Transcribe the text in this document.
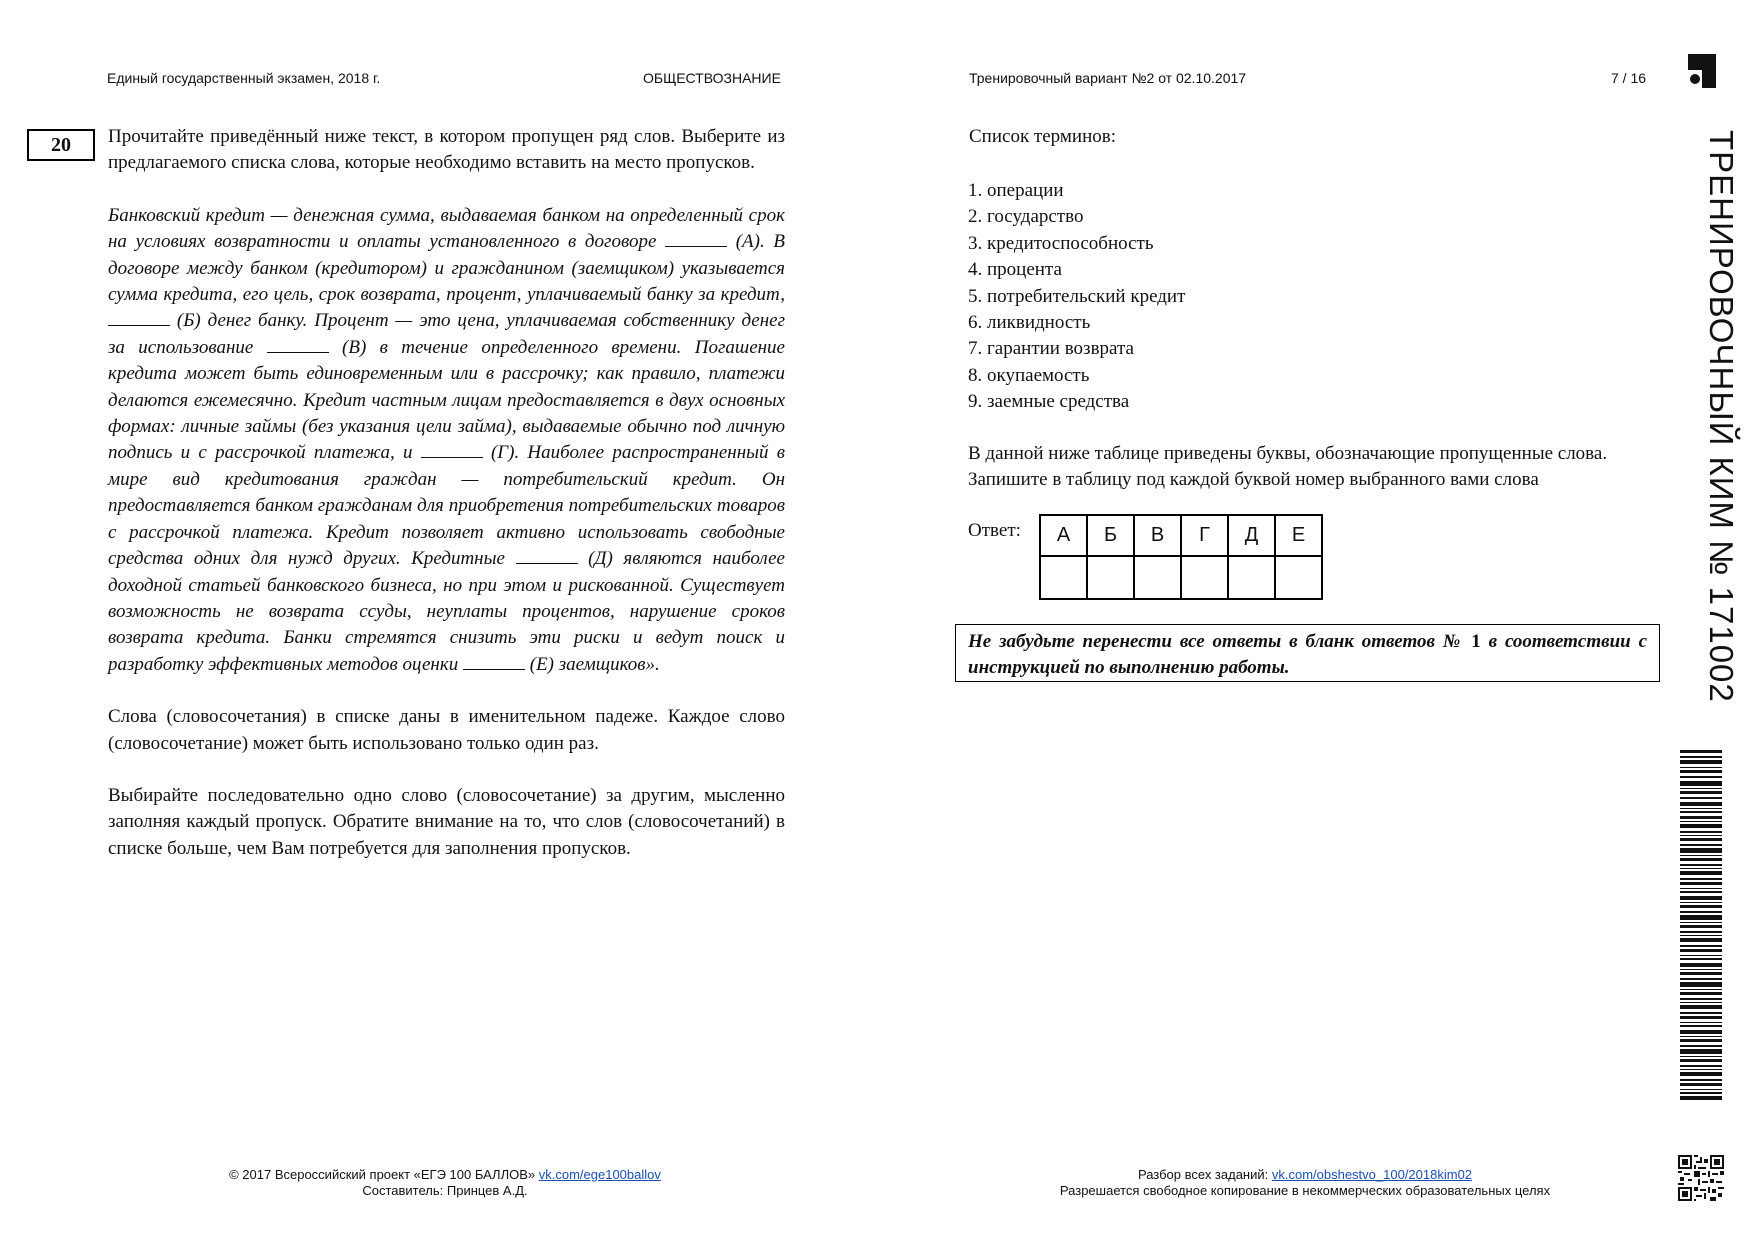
Единый государственный экзамен, 2018 г.	ОБЩЕСТВОЗНАНИЕ	Тренировочный вариант №2 от 02.10.2017	7 / 16
20	Прочитайте приведённый ниже текст, в котором пропущен ряд слов. Выберите из предлагаемого списка слова, которые необходимо вставить на место пропусков.

Банковский кредит — денежная сумма, выдаваемая банком на определенный срок на условиях возвратности и оплаты установленного в договоре	(А). В договоре между банком (кредитором) и гражданином (заемщиком) указывается сумма кредита, его цель, срок возврата, процент, уплачиваемый банку за кредит,  (Б) денег банку. Процент — это цена, уплачиваемая собственнику денег за использование	(В) в течение определенного времени. Погашение кредита может быть единовременным или в рассрочку; как правило, платежи делаются ежемесячно. Кредит частным лицам предоставляется в двух основных формах: личные займы (без указания цели займа), выдаваемые обычно под личную подпись и с рассрочкой платежа, и	(Г). Наиболее распространенный в мире вид кредитования граждан — потребительский кредит. Он предоставляется банком гражданам для приобретения потребительских товаров с рассрочкой платежа. Кредит позволяет активно использовать свободные средства одних для нужд других. Кредитные	(Д) являются наиболее доходной статьей банковского бизнеса, но при этом и рискованной. Существует возможность не возврата ссуды, неуплаты процентов, нарушение сроков возврата кредита. Банки стремятся снизить эти риски и ведут поиск и разработку эффективных методов оценки	(Е) заемщиков».

Слова (словосочетания) в списке даны в именительном падеже. Каждое слово (словосочетание) может быть использовано только один раз.

Выбирайте последовательно одно слово (словосочетание) за другим, мысленно заполняя каждый пропуск. Обратите внимание на то, что слов (словосочетаний) в списке больше, чем Вам потребуется для заполнения пропусков.

Список терминов:
1. операции
2. государство
3. кредитоспособность
4. процента
5. потребительский кредит
6. ликвидность
7. гарантии возврата
8. окупаемость
9. заемные средства

В данной ниже таблице приведены буквы, обозначающие пропущенные слова. Запишите в таблицу под каждой буквой номер выбранного вами слова

Ответ: А	Б	В	Г	Д	Е

Не забудьте перенести все ответы в бланк ответов № 1 в соответствии с инструкцией по выполнению работы.	ТРЕНИРОВОЧНЫЙ КИМ № 171002
© 2017 Всероссийский проект «ЕГЭ 100 БАЛЛОВ» vk.com/ege100ballov
Составитель: Принцев А.Д.
Разбор всех заданий: vk.com/obshestvo_100/2018kim02
Разрешается свободное копирование в некоммерческих образовательных целях
